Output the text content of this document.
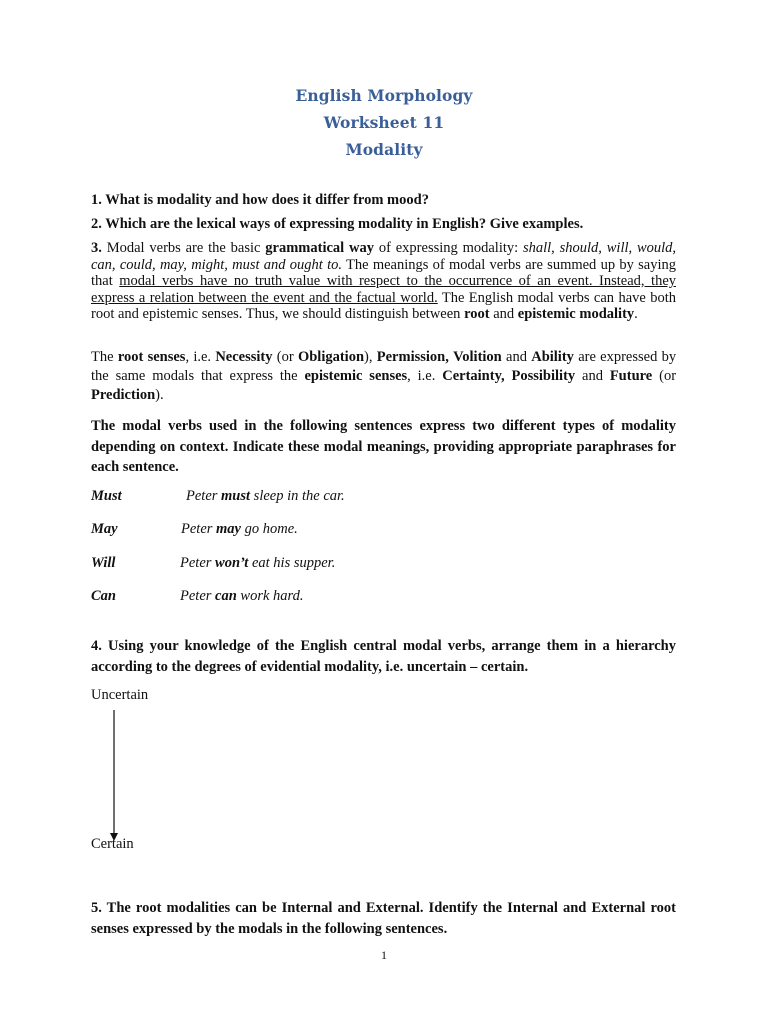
English Morphology
Worksheet 11
Modality
1. What is modality and how does it differ from mood?
2. Which are the lexical ways of expressing modality in English? Give examples.
3. Modal verbs are the basic grammatical way of expressing modality: shall, should, will, would, can, could, may, might, must and ought to. The meanings of modal verbs are summed up by saying that modal verbs have no truth value with respect to the occurrence of an event. Instead, they express a relation between the event and the factual world. The English modal verbs can have both root and epistemic senses. Thus, we should distinguish between root and epistemic modality.
The root senses, i.e. Necessity (or Obligation), Permission, Volition and Ability are expressed by the same modals that express the epistemic senses, i.e. Certainty, Possibility and Future (or Prediction).
The modal verbs used in the following sentences express two different types of modality depending on context. Indicate these modal meanings, providing appropriate paraphrases for each sentence.
Must	Peter must sleep in the car.
May	Peter may go home.
Will	Peter won’t eat his supper.
Can	Peter can work hard.
4. Using your knowledge of the English central modal verbs, arrange them in a hierarchy according to the degrees of evidential modality, i.e. uncertain – certain.
Uncertain
Certain
5. The root modalities can be Internal and External. Identify the Internal and External root senses expressed by the modals in the following sentences.
1
